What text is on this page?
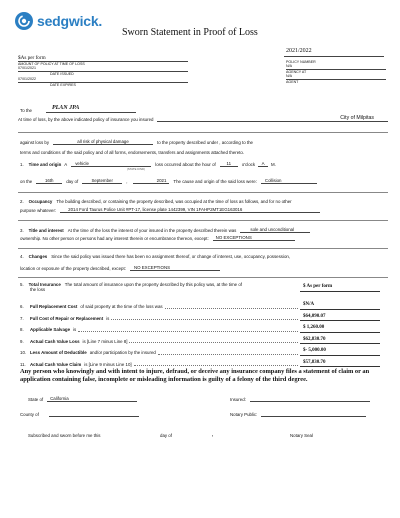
sedgwick.
Sworn Statement in Proof of Loss
2021/2022
$As per form
AMOUNT OF POLICY AT TIME OF LOSS
07/01/2021
DATE ISSUED
07/01/2022
DATE EXPIRES
POLICY NUMBER
N/A
AGENCY AT
N/A
AGENT
To the	PLAN JPA
At time of loss, by the above indicated policy of insurance you insured	City of Milpitas
against loss by	all risk of physical damage	to the property described under , according to the
terms and conditions of the said policy and of all forms, endorsements, transfers and assignments attached thereto.
1. Time and origin A	vehicle	loss occurred about the hour of	11	o'clock	A	M.
(STATE KIND)
on the	16th	day of	September	,	2021	The cause and origin of the said loss were:	Collision
2. Occupancy The building described, or containing the property described, was occupied at the time of loss as follows, and for no other
purpose whatever:	2014 Ford Taurus Police Unit #PT-17, license plate 1442399, VIN 1FAHP2MT1EG163016
3. Title and interest At the time of the loss the interest of your insured in the property described therein was	sole and unconditional
ownership. No other person or persons had any interest therein or encumbrance thereon, except:	NO EXCEPTIONS
4. Changes Since the said policy was issued there has been no assignment thereof, or change of interest, use, occupancy, possession,
location or exposure of the property described, except:	NO EXCEPTIONS
5. Total Insurance The total amount of insurance upon the property described by this policy was, at the time of
the loss
$ As per form
6.	Full Replacement Cost of said property at the time of the loss was	$N/A
7.	Full Cost of Repair or Replacement is	$64,090.07
8.	Applicable Salvage is	$ 1,260.00
9.	Actual Cash Value Loss is [Line 7 minus Line 8]	$62,830.70
10. Less Amount of Deductible and/or participation by the insured	$- 5,000.00
11. Actual Cash Value Claim is [Line 9 minus Line 10]	$57,830.70
Any person who knowingly and with intent to injure, defraud, or deceive any insurance company files a statement of claim or an application containing false, incomplete or misleading information is guilty of a felony of the third degree.
State of	California	Insured:
County of	Notary Public:
Subscribed and sworn before me this	day of	,	Notary Seal
